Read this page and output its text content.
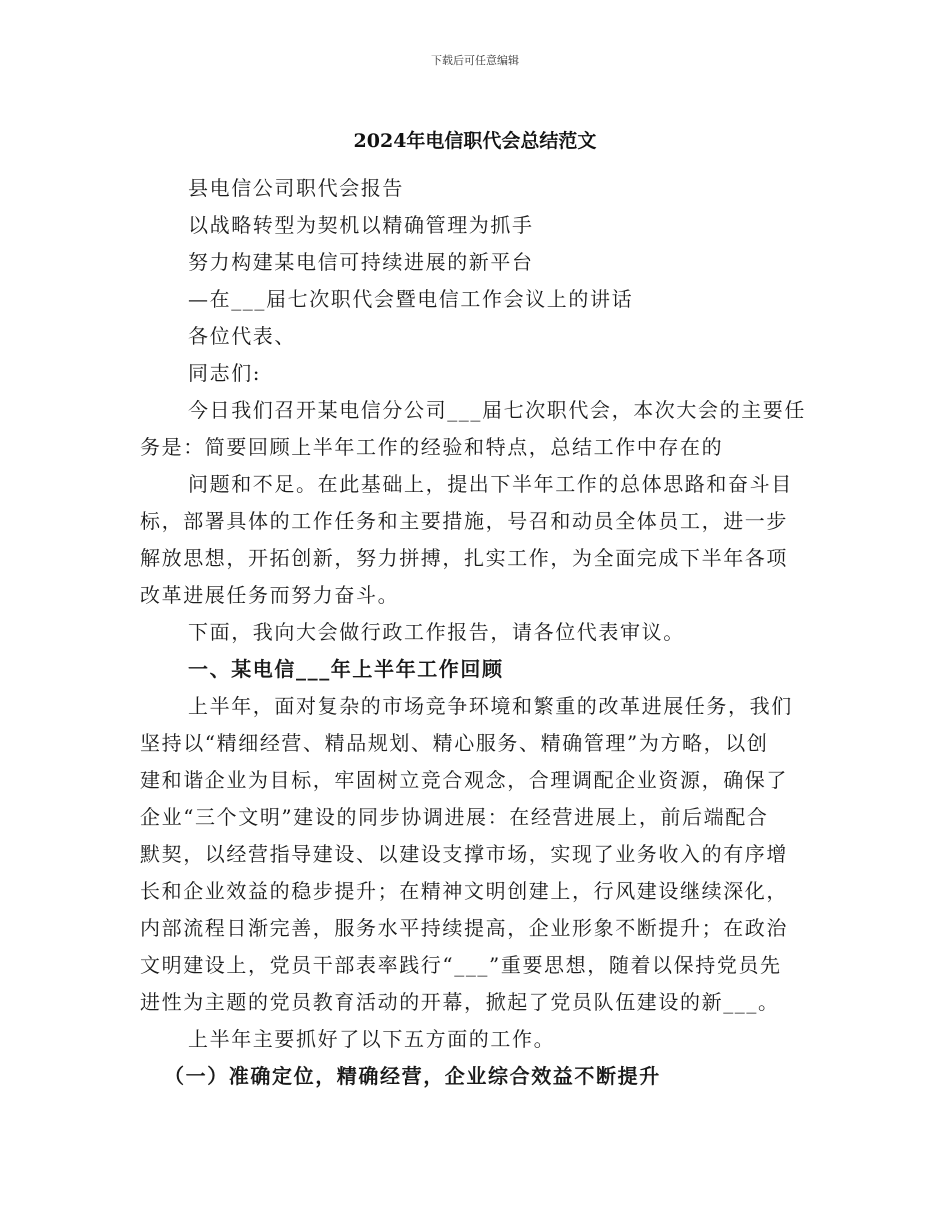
下载后可任意编辑
2024年电信职代会总结范文
县电信公司职代会报告
以战略转型为契机以精确管理为抓手
努力构建某电信可持续进展的新平台
—在___届七次职代会暨电信工作会议上的讲话
各位代表、
同志们:
今日我们召开某电信分公司___届七次职代会，本次大会的主要任
务是：简要回顾上半年工作的经验和特点，总结工作中存在的
问题和不足。在此基础上，提出下半年工作的总体思路和奋斗目
标，部署具体的工作任务和主要措施，号召和动员全体员工，进一步
解放思想，开拓创新，努力拼搏，扎实工作，为全面完成下半年各项
改革进展任务而努力奋斗。
下面，我向大会做行政工作报告，请各位代表审议。
一、某电信___年上半年工作回顾
上半年，面对复杂的市场竞争环境和繁重的改革进展任务，我们
坚持以“精细经营、精品规划、精心服务、精确管理”为方略，以创
建和谐企业为目标，牢固树立竞合观念，合理调配企业资源，确保了
企业“三个文明”建设的同步协调进展：在经营进展上，前后端配合
默契，以经营指导建设、以建设支撑市场，实现了业务收入的有序增
长和企业效益的稳步提升；在精神文明创建上，行风建设继续深化，
内部流程日渐完善，服务水平持续提高，企业形象不断提升；在政治
文明建设上，党员干部表率践行“___”重要思想，随着以保持党员先
进性为主题的党员教育活动的开幕，掀起了党员队伍建设的新___。
上半年主要抓好了以下五方面的工作。
（一）准确定位，精确经营，企业综合效益不断提升
